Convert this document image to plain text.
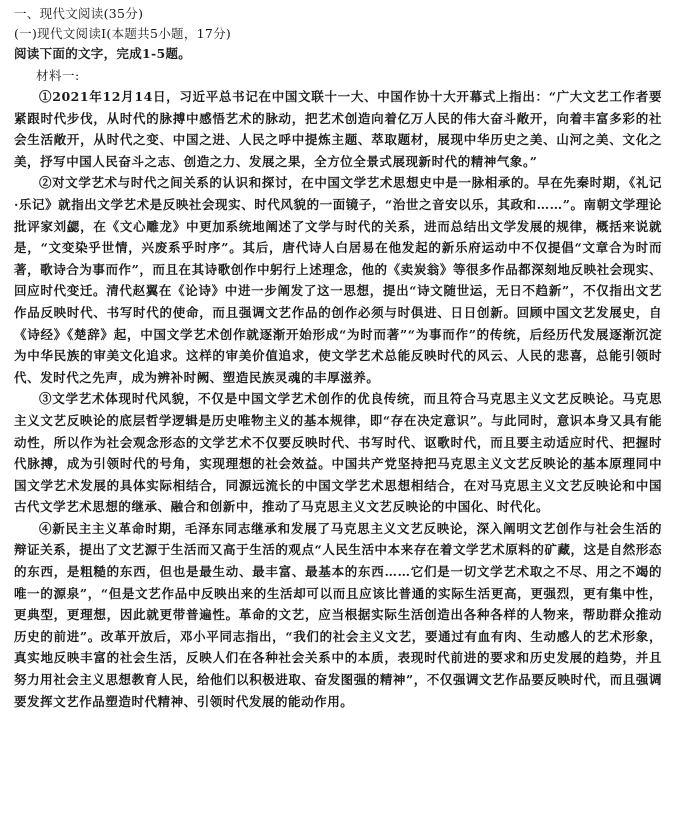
一、现代文阅读(35分)
(一)现代文阅读Ⅰ(本题共5小题，17分)
阅读下面的文字，完成1-5题。
材料一:

①2021年12月14日，习近平总书记在中国文联十一大、中国作协十大开幕式上指出：“广大文艺工作者要紧跟时代步伐，从时代的脉搏中感悟艺术的脉动，把艺术创造向着亿万人民的伟大奋斗敞开，向着丰富多彩的社会生活敞开，从时代之变、中国之进、人民之呼中提炼主题、萃取题材，展现中华历史之美、山河之美、文化之美，抒写中国人民奋斗之志、创造之力、发展之果，全方位全景式展现新时代的精神气象。”

②对文学艺术与时代之间关系的认识和探讨，在中国文学艺术思想史中是一脉相承的。早在先秦时期，《礼记·乐记》就指出文学艺术是反映社会现实、时代风貌的一面镜子，“治世之音安以乐，其政和……”。南朝文学理论批评家刘勰，在《文心雕龙》中更加系统地阐述了文学与时代的关系，进而总结出文学发展的规律，概括来说就是，“文变染乎世情，兴废系乎时序”。其后，唐代诗人白居易在他发起的新乐府运动中不仅提倡“文章合为时而著，歌诗合为事而作”，而且在其诗歌创作中躬行上述理念，他的《卖炭翁》等很多作品都深刻地反映社会现实、回应时代变迁。清代赵翼在《论诗》中进一步阐发了这一思想，提出“诗文随世运，无日不趋新”，不仅指出文艺作品反映时代、书写时代的使命，而且强调文艺作品的创作必须与时俱进、日日创新。回顾中国文艺发展史，自《诗经》《楚辞》起，中国文学艺术创作就逐渐开始形成“为时而著”“为事而作”的传统，后经历代发展逐渐沉淀为中华民族的审美文化追求。这样的审美价值追求，使文学艺术总能反映时代的风云、人民的悲喜，总能引领时代、发时代之先声，成为辨补时阙、塑造民族灵魂的丰厚滋养。

③文学艺术体现时代风貌，不仅是中国文学艺术创作的优良传统，而且符合马克思主义文艺反映论。马克思主义文艺反映论的底层哲学逻辑是历史唯物主义的基本规律，即“存在决定意识”。与此同时，意识本身又具有能动性，所以作为社会观念形态的文学艺术不仅要反映时代、书写时代、讴歌时代，而且要主动适应时代、把握时代脉搏，成为引领时代的号角，实现理想的社会效益。中国共产党坚持把马克思主义文艺反映论的基本原理同中国文学艺术发展的具体实际相结合，同源远流长的中国文学艺术思想相结合，在对马克思主义文艺反映论和中国古代文学艺术思想的继承、融合和创新中，推动了马克思主义文艺反映论的中国化、时代化。

④新民主主义革命时期，毛泽东同志继承和发展了马克思主义文艺反映论，深入阐明文艺创作与社会生活的辩证关系，提出了文艺源于生活而又高于生活的观点“人民生活中本来存在着文学艺术原料的矿藏，这是自然形态的东西，是粗糙的东西，但也是最生动、最丰富、最基本的东西……它们是一切文学艺术取之不尽、用之不竭的唯一的源泉”，“但是文艺作品中反映出来的生活却可以而且应该比普通的实际生活更高，更强烈，更有集中性，更典型，更理想，因此就更带普遍性。革命的文艺，应当根据实际生活创造出各种各样的人物来，帮助群众推动历史的前进”。改革开放后，邓小平同志指出，“我们的社会主义文艺，要通过有血有肉、生动感人的艺术形象，真实地反映丰富的社会生活，反映人们在各种社会关系中的本质，表现时代前进的要求和历史发展的趋势，并且努力用社会主义思想教育人民，给他们以积极进取、奋发图强的精神”，不仅强调文艺作品要反映时代，而且强调要发挥文艺作品塑造时代精神、引领时代发展的能动作用。
